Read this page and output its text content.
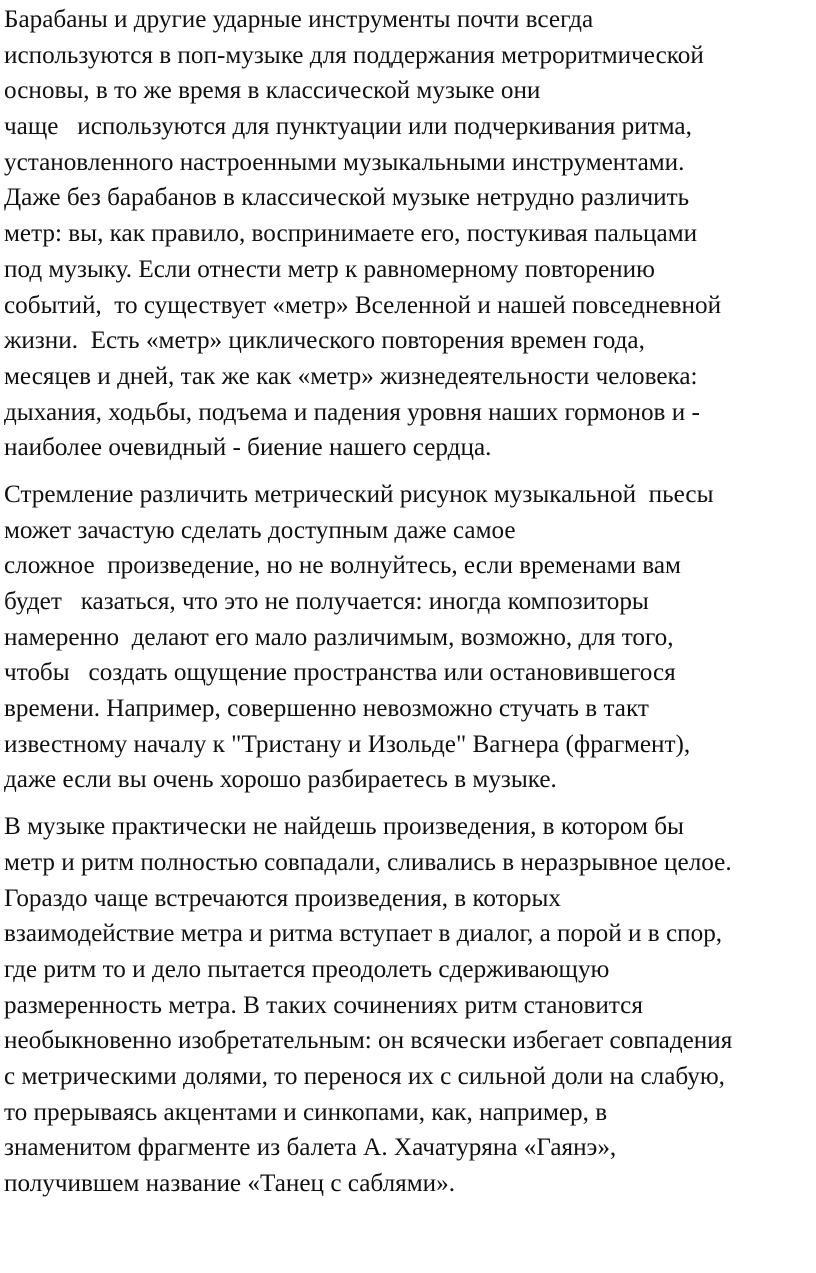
Барабаны и другие ударные инструменты почти всегда
используются в поп-музыке для поддержания метроритмической
основы, в то же время в классической музыке они
чаще   используются для пунктуации или подчеркивания ритма,
установленного настроенными музыкальными инструментами.
Даже без барабанов в классической музыке нетрудно различить
метр: вы, как правило, воспринимаете его, постукивая пальцами
под музыку. Если отнести метр к равномерному повторению
событий,  то существует «метр» Вселенной и нашей повседневной
жизни.  Есть «метр» циклического повторения времен года,
месяцев и дней, так же как «метр» жизнедеятельности человека:
дыхания, ходьбы, подъема и падения уровня наших гормонов и -
наиболее очевидный - биение нашего сердца.

Стремление различить метрический рисунок музыкальной  пьесы
может зачастую сделать доступным даже самое
сложное  произведение, но не волнуйтесь, если временами вам
будет   казаться, что это не получается: иногда композиторы
намеренно  делают его мало различимым, возможно, для того,
чтобы   создать ощущение пространства или остановившегося
времени. Например, совершенно невозможно стучать в такт
известному началу к "Тристану и Изольде" Вагнера (фрагмент),
даже если вы очень хорошо разбираетесь в музыке.

В музыке практически не найдешь произведения, в котором бы
метр и ритм полностью совпадали, сливались в неразрывное целое.
Гораздо чаще встречаются произведения, в которых
взаимодействие метра и ритма вступает в диалог, а порой и в спор,
где ритм то и дело пытается преодолеть сдерживающую
размеренность метра. В таких сочинениях ритм становится
необыкновенно изобретательным: он всячески избегает совпадения
с метрическими долями, то перенося их с сильной доли на слабую,
то прерываясь акцентами и синкопами, как, например, в
знаменитом фрагменте из балета А. Хачатуряна «Гаянэ»,
получившем название «Танец с саблями».
